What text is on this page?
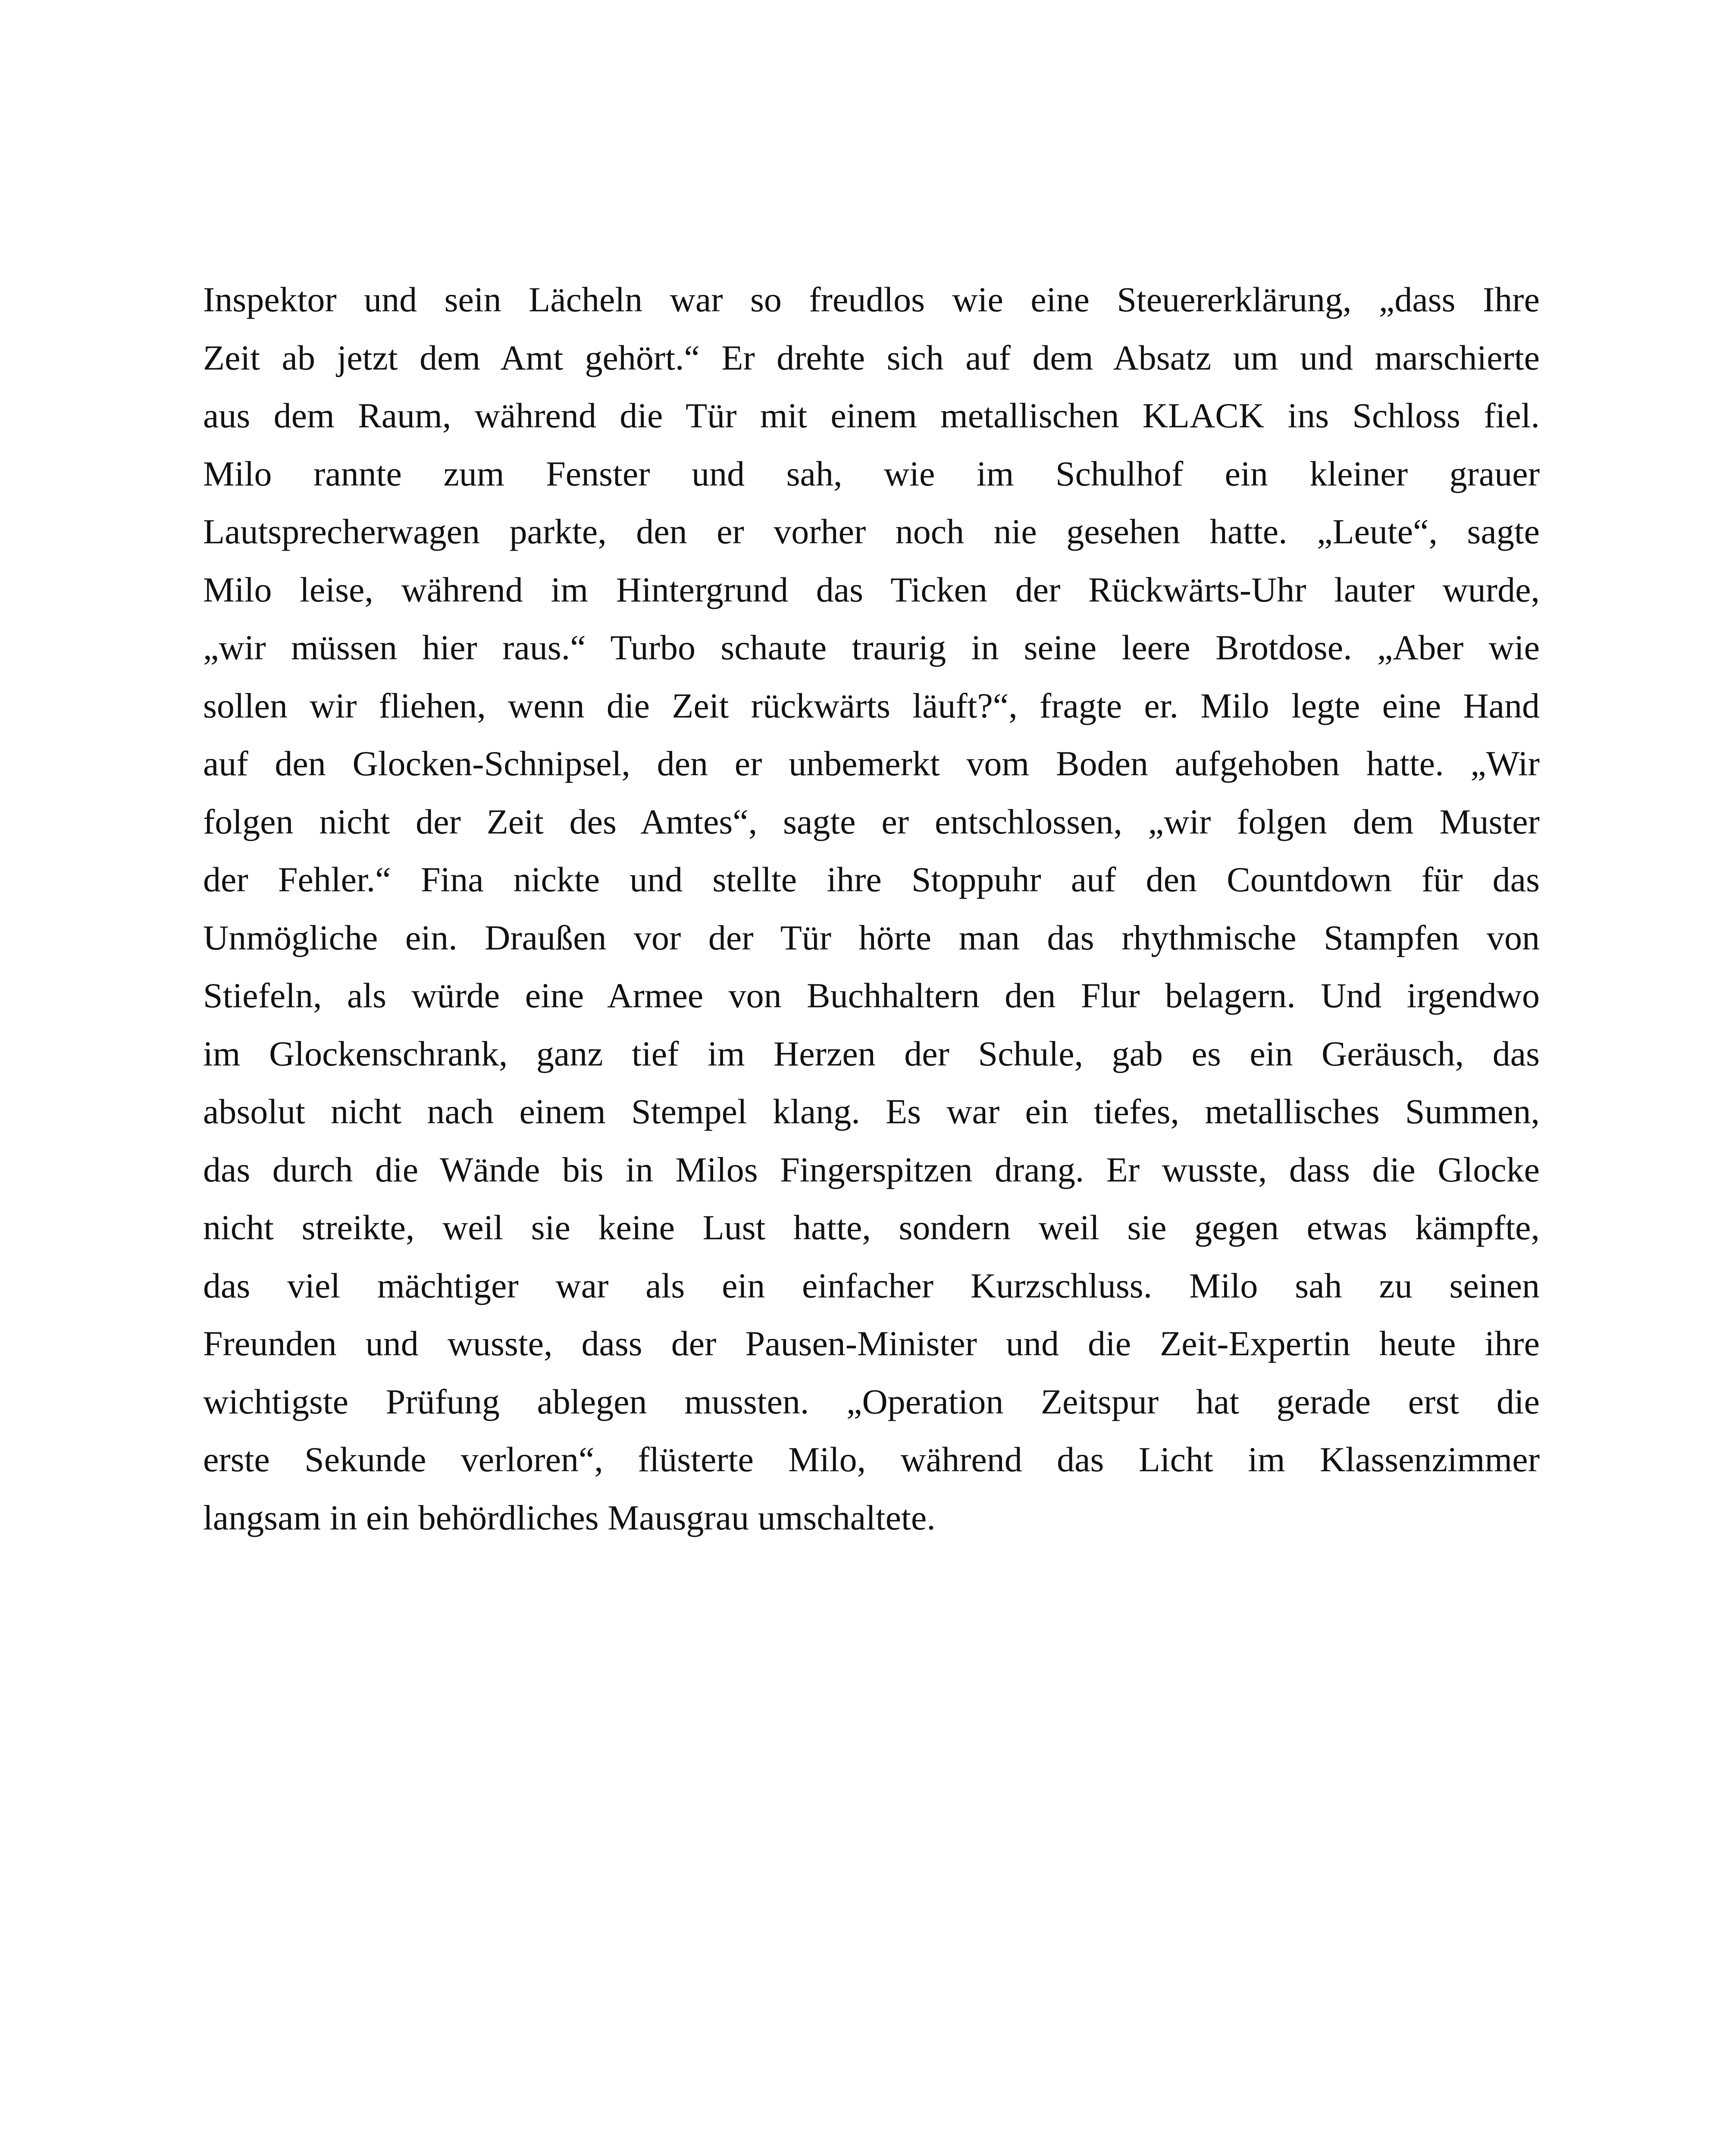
Inspektor und sein Lächeln war so freudlos wie eine Steuererklärung, „dass Ihre
Zeit ab jetzt dem Amt gehört.“ Er drehte sich auf dem Absatz um und marschierte
aus dem Raum, während die Tür mit einem metallischen KLACK ins Schloss fiel.
Milo rannte zum Fenster und sah, wie im Schulhof ein kleiner grauer
Lautsprecherwagen parkte, den er vorher noch nie gesehen hatte. „Leute“, sagte
Milo leise, während im Hintergrund das Ticken der Rückwärts-Uhr lauter wurde,
„wir müssen hier raus.“ Turbo schaute traurig in seine leere Brotdose. „Aber wie
sollen wir fliehen, wenn die Zeit rückwärts läuft?“, fragte er. Milo legte eine Hand
auf den Glocken-Schnipsel, den er unbemerkt vom Boden aufgehoben hatte. „Wir
folgen nicht der Zeit des Amtes“, sagte er entschlossen, „wir folgen dem Muster
der Fehler.“ Fina nickte und stellte ihre Stoppuhr auf den Countdown für das
Unmögliche ein. Draußen vor der Tür hörte man das rhythmische Stampfen von
Stiefeln, als würde eine Armee von Buchhaltern den Flur belagern. Und irgendwo
im Glockenschrank, ganz tief im Herzen der Schule, gab es ein Geräusch, das
absolut nicht nach einem Stempel klang. Es war ein tiefes, metallisches Summen,
das durch die Wände bis in Milos Fingerspitzen drang. Er wusste, dass die Glocke
nicht streikte, weil sie keine Lust hatte, sondern weil sie gegen etwas kämpfte,
das viel mächtiger war als ein einfacher Kurzschluss. Milo sah zu seinen
Freunden und wusste, dass der Pausen-Minister und die Zeit-Expertin heute ihre
wichtigste Prüfung ablegen mussten. „Operation Zeitspur hat gerade erst die
erste Sekunde verloren“, flüsterte Milo, während das Licht im Klassenzimmer
langsam in ein behördliches Mausgrau umschaltete.
